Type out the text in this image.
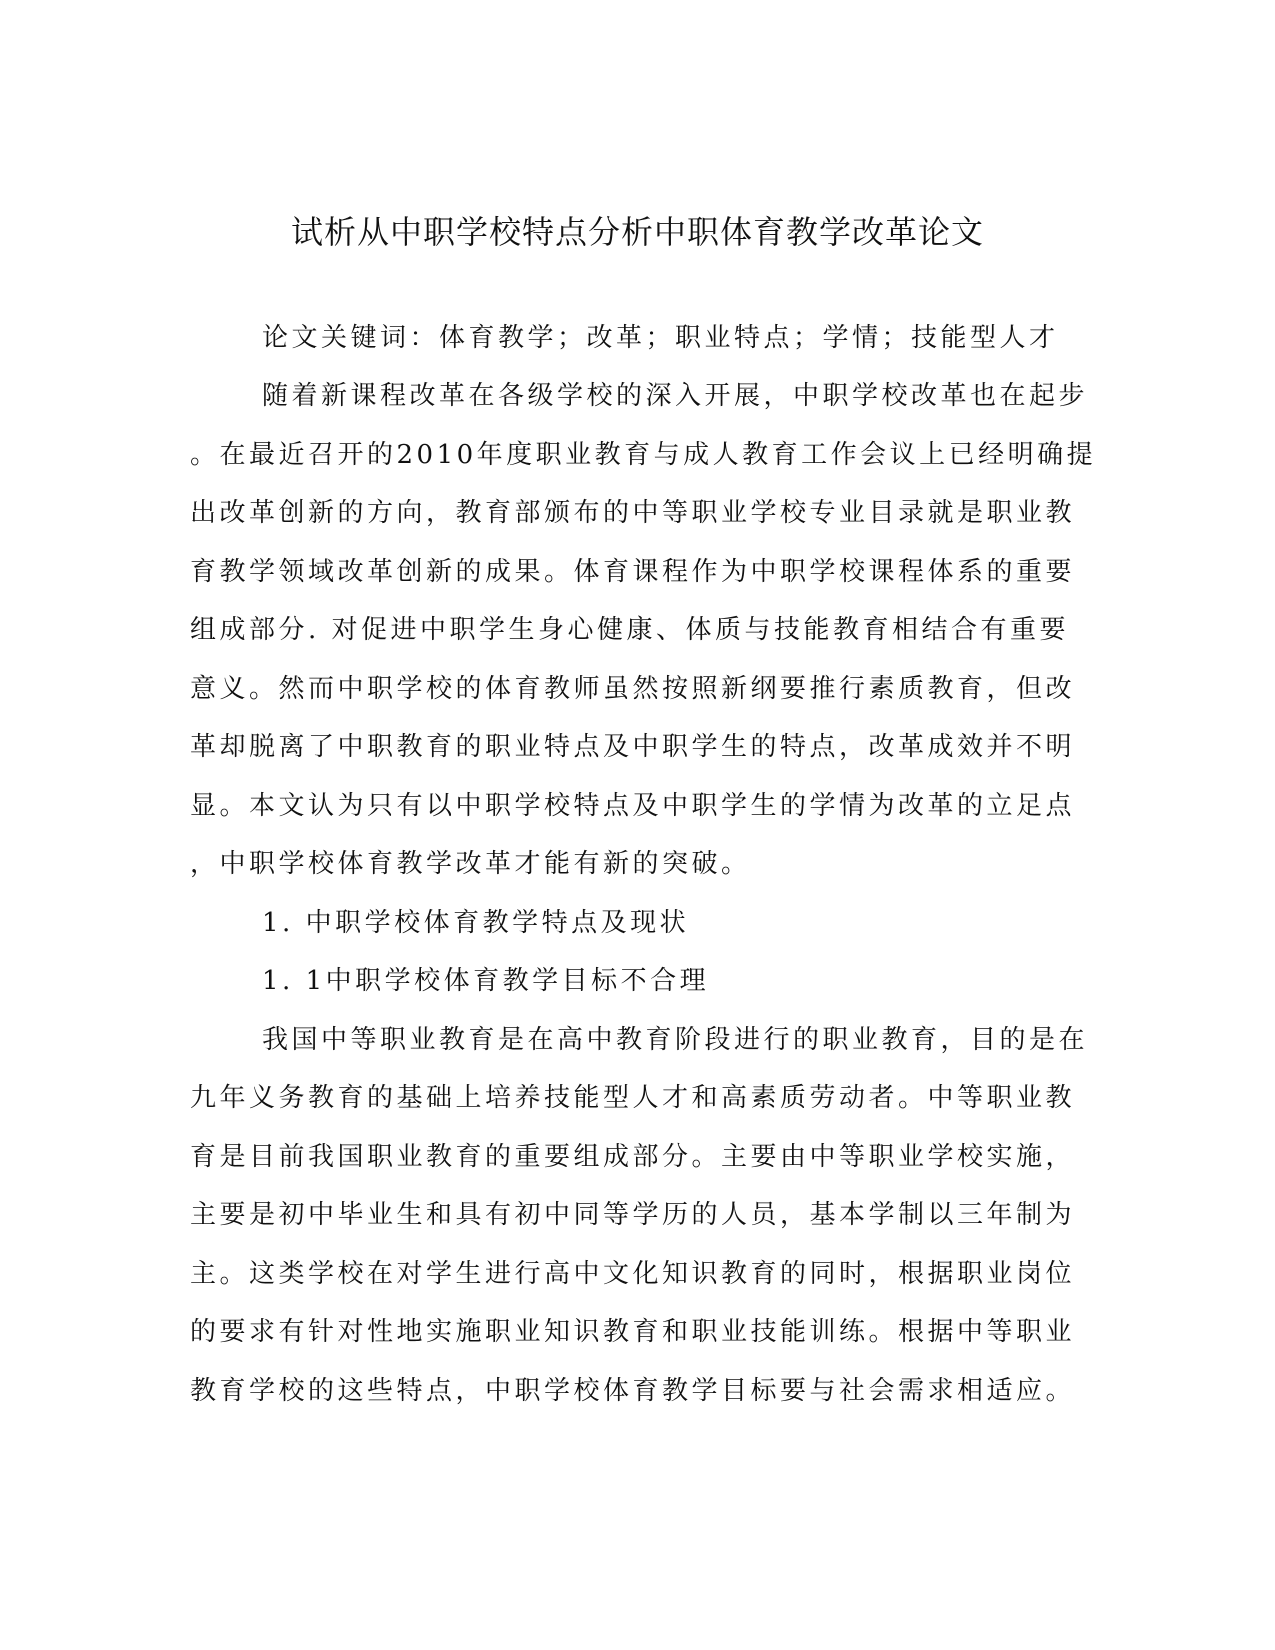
试析从中职学校特点分析中职体育教学改革论文
论文关键词：体育教学；改革；职业特点；学情；技能型人才
随着新课程改革在各级学校的深入开展，中职学校改革也在起步
。在最近召开的2010年度职业教育与成人教育工作会议上已经明确提
出改革创新的方向，教育部颁布的中等职业学校专业目录就是职业教
育教学领域改革创新的成果。体育课程作为中职学校课程体系的重要
组成部分. 对促进中职学生身心健康、体质与技能教育相结合有重要
意义。然而中职学校的体育教师虽然按照新纲要推行素质教育，但改
革却脱离了中职教育的职业特点及中职学生的特点，改革成效并不明
显。本文认为只有以中职学校特点及中职学生的学情为改革的立足点
，中职学校体育教学改革才能有新的突破。
1. 中职学校体育教学特点及现状
1. 1中职学校体育教学目标不合理
我国中等职业教育是在高中教育阶段进行的职业教育，目的是在
九年义务教育的基础上培养技能型人才和高素质劳动者。中等职业教
育是目前我国职业教育的重要组成部分。主要由中等职业学校实施，
主要是初中毕业生和具有初中同等学历的人员，基本学制以三年制为
主。这类学校在对学生进行高中文化知识教育的同时，根据职业岗位
的要求有针对性地实施职业知识教育和职业技能训练。根据中等职业
教育学校的这些特点，中职学校体育教学目标要与社会需求相适应。
